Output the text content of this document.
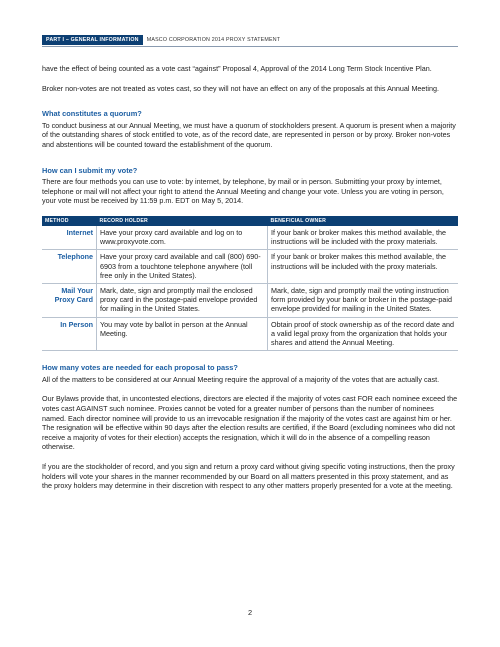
PART I – GENERAL INFORMATION	MASCO CORPORATION 2014 PROXY STATEMENT

have the effect of being counted as a vote cast “against” Proposal 4, Approval of the 2014 Long Term Stock Incentive Plan.

Broker non-votes are not treated as votes cast, so they will not have an effect on any of the proposals at this Annual Meeting.

What constitutes a quorum?

To conduct business at our Annual Meeting, we must have a quorum of stockholders present. A quorum is present when a majority of the outstanding shares of stock entitled to vote, as of the record date, are represented in person or by proxy. Broker non-votes and abstentions will be counted toward the establishment of the quorum.

How can I submit my vote?

There are four methods you can use to vote: by internet, by telephone, by mail or in person. Submitting your proxy by internet, telephone or mail will not affect your right to attend the Annual Meeting and change your vote. Unless you are voting in person, your vote must be received by 11:59 p.m. EDT on May 5, 2014.

METHOD	RECORD HOLDER	BENEFICIAL OWNER
Internet	Have your proxy card available and log on to www.proxyvote.com.	If your bank or broker makes this method available, the instructions will be included with the proxy materials.
Telephone	Have your proxy card available and call (800) 690-6903 from a touchtone telephone anywhere (toll free only in the United States).	If your bank or broker makes this method available, the instructions will be included with the proxy materials.
Mail Your Proxy Card	Mark, date, sign and promptly mail the enclosed proxy card in the postage-paid envelope provided for mailing in the United States.	Mark, date, sign and promptly mail the voting instruction form provided by your bank or broker in the postage-paid envelope provided for mailing in the United States.
In Person	You may vote by ballot in person at the Annual Meeting.	Obtain proof of stock ownership as of the record date and a valid legal proxy from the organization that holds your shares and attend the Annual Meeting.
How many votes are needed for each proposal to pass?

All of the matters to be considered at our Annual Meeting require the approval of a majority of the votes that are actually cast.

Our Bylaws provide that, in uncontested elections, directors are elected if the majority of votes cast FOR each nominee exceed the votes cast AGAINST such nominee. Proxies cannot be voted for a greater number of persons than the number of nominees named. Each director nominee will provide to us an irrevocable resignation if the majority of the votes cast are against him or her. The resignation will be effective within 90 days after the election results are certified, if the Board (excluding nominees who did not receive a majority of votes for their election) accepts the resignation, which it will do in the absence of a compelling reason otherwise.

If you are the stockholder of record, and you sign and return a proxy card without giving specific voting instructions, then the proxy holders will vote your shares in the manner recommended by our Board on all matters presented in this proxy statement, and as the proxy holders may determine in their discretion with respect to any other matters properly presented for a vote at the meeting.

2
